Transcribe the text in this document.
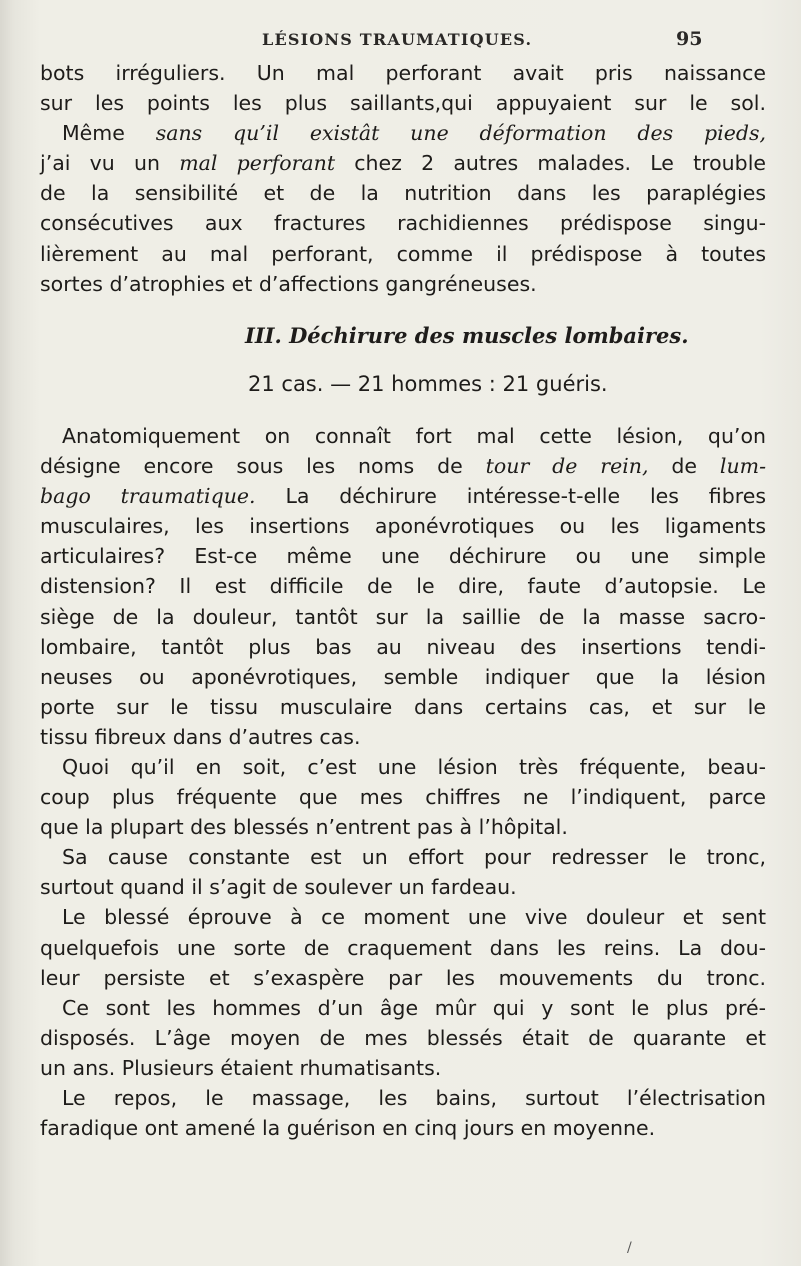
LÉSIONS TRAUMATIQUES.	95
bots irréguliers. Un mal perforant avait pris naissance
sur les points les plus saillants,qui appuyaient sur le sol.
Même sans qu’il existât une déformation des pieds,
j’ai vu un mal perforant chez 2 autres malades. Le trouble
de la sensibilité et de la nutrition dans les paraplégies
consécutives aux fractures rachidiennes prédispose singu-
lièrement au mal perforant, comme il prédispose à toutes
sortes d’atrophies et d’affections gangréneuses.
III. Déchirure des muscles lombaires.
21 cas. — 21 hommes : 21 guéris.
Anatomiquement on connaît fort mal cette lésion, qu’on
désigne encore sous les noms de tour de rein, de lum-
bago traumatique. La déchirure intéresse-t-elle les fibres
musculaires, les insertions aponévrotiques ou les ligaments
articulaires? Est-ce même une déchirure ou une simple
distension? Il est difficile de le dire, faute d’autopsie. Le
siège de la douleur, tantôt sur la saillie de la masse sacro-
lombaire, tantôt plus bas au niveau des insertions tendi-
neuses ou aponévrotiques, semble indiquer que la lésion
porte sur le tissu musculaire dans certains cas, et sur le
tissu fibreux dans d’autres cas.
Quoi qu’il en soit, c’est une lésion très fréquente, beau-
coup plus fréquente que mes chiffres ne l’indiquent, parce
que la plupart des blessés n’entrent pas à l’hôpital.
Sa cause constante est un effort pour redresser le tronc,
surtout quand il s’agit de soulever un fardeau.
Le blessé éprouve à ce moment une vive douleur et sent
quelquefois une sorte de craquement dans les reins. La dou-
leur persiste et s’exaspère par les mouvements du tronc.
Ce sont les hommes d’un âge mûr qui y sont le plus pré-
disposés. L’âge moyen de mes blessés était de quarante et
un ans. Plusieurs étaient rhumatisants.
Le repos, le massage, les bains, surtout l’électrisation
faradique ont amené la guérison en cinq jours en moyenne.
/
